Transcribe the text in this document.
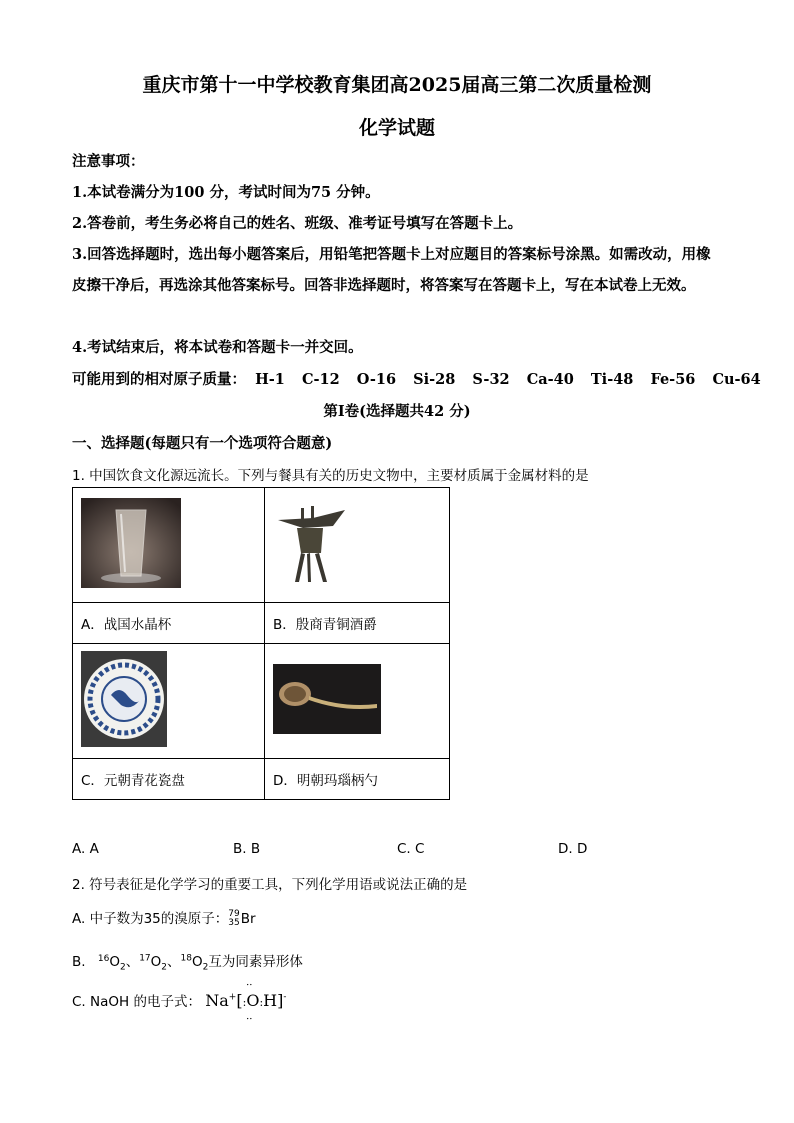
重庆市第十一中学校教育集团高2025届高三第二次质量检测
化学试题
注意事项：
1.本试卷满分为100 分，考试时间为75 分钟。
2.答卷前，考生务必将自己的姓名、班级、准考证号填写在答题卡上。
3.回答选择题时，选出每小题答案后，用铅笔把答题卡上对应题目的答案标号涂黑。如需改动，用橡皮擦干净后，再选涂其他答案标号。回答非选择题时，将答案写在答题卡上，写在本试卷上无效。
4.考试结束后，将本试卷和答题卡一并交回。
可能用到的相对原子质量： H-1 C-12 O-16 Si-28 S-32 Ca-40 Ti-48 Fe-56 Cu-64
第Ⅰ卷(选择题共42 分)
一、选择题(每题只有一个选项符合题意)
1. 中国饮食文化源远流长。下列与餐具有关的历史文物中，主要材质属于金属材料的是

A．战国水晶杯	B．殷商青铜酒爵

C．元朝青花瓷盘	D．明朝玛瑙柄勺
A. A	B. B	C. C	D. D
2. 符号表征是化学学习的重要工具，下列化学用语或说法正确的是
A. 中子数为35的溴原子：79
35Br
B. $^{16}O_2$、$^{17}O_2$、$^{18}O_2$互为同素异形体
C. NaOH 的电子式： Na+[:: O ::H]-
